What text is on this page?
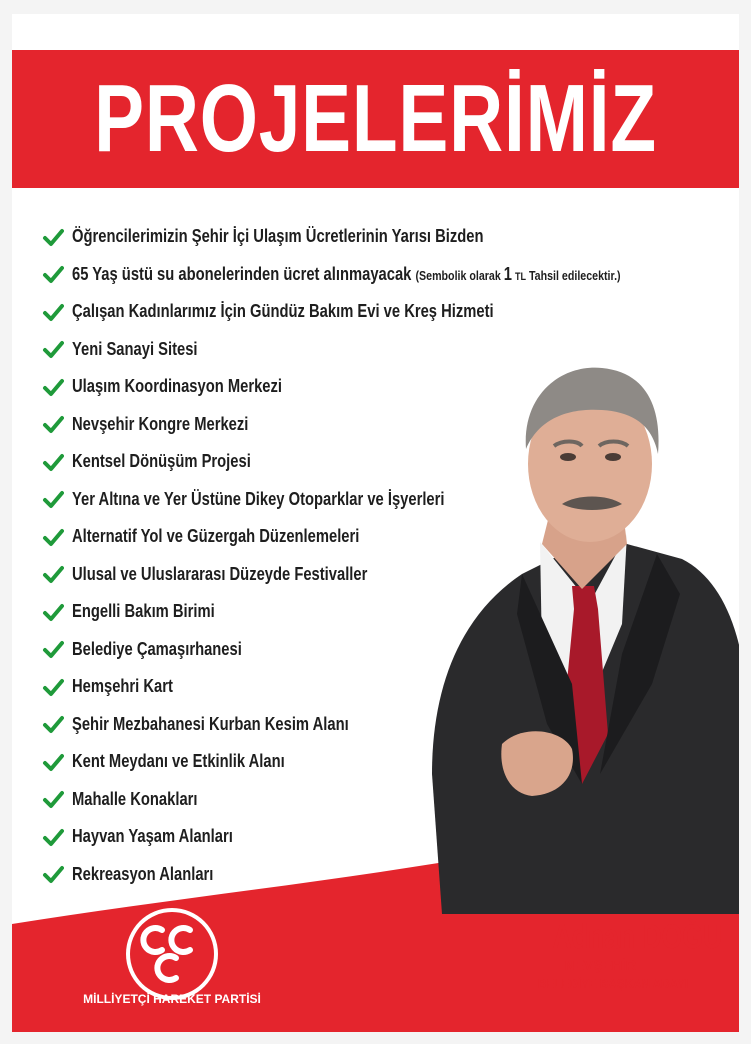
PROJELERİMİZ
Öğrencilerimizin Şehir İçi Ulaşım Ücretlerinin Yarısı Bizden
65 Yaş üstü su abonelerinden ücret alınmayacak (Sembolik olarak 1 TL Tahsil edilecektir.)
Çalışan Kadınlarımız İçin Gündüz Bakım Evi ve Kreş Hizmeti
Yeni Sanayi Sitesi
Ulaşım Koordinasyon Merkezi
Nevşehir Kongre Merkezi
Kentsel Dönüşüm Projesi
Yer Altına ve Yer Üstüne Dikey Otoparklar ve İşyerleri
Alternatif Yol ve Güzergah Düzenlemeleri
Ulusal ve Uluslararası Düzeyde Festivaller
Engelli Bakım Birimi
Belediye Çamaşırhanesi
Hemşehri Kart
Şehir Mezbahanesi Kurban Kesim Alanı
Kent Meydanı ve Etkinlik Alanı
Mahalle Konakları
Hayvan Yaşam Alanları
Rekreasyon Alanları
MİLLİYETÇİ HAREKET PARTİSİ
Adnan DOĞU
NEVŞEHİR
BELEDİYE BAŞKAN ADAYI
